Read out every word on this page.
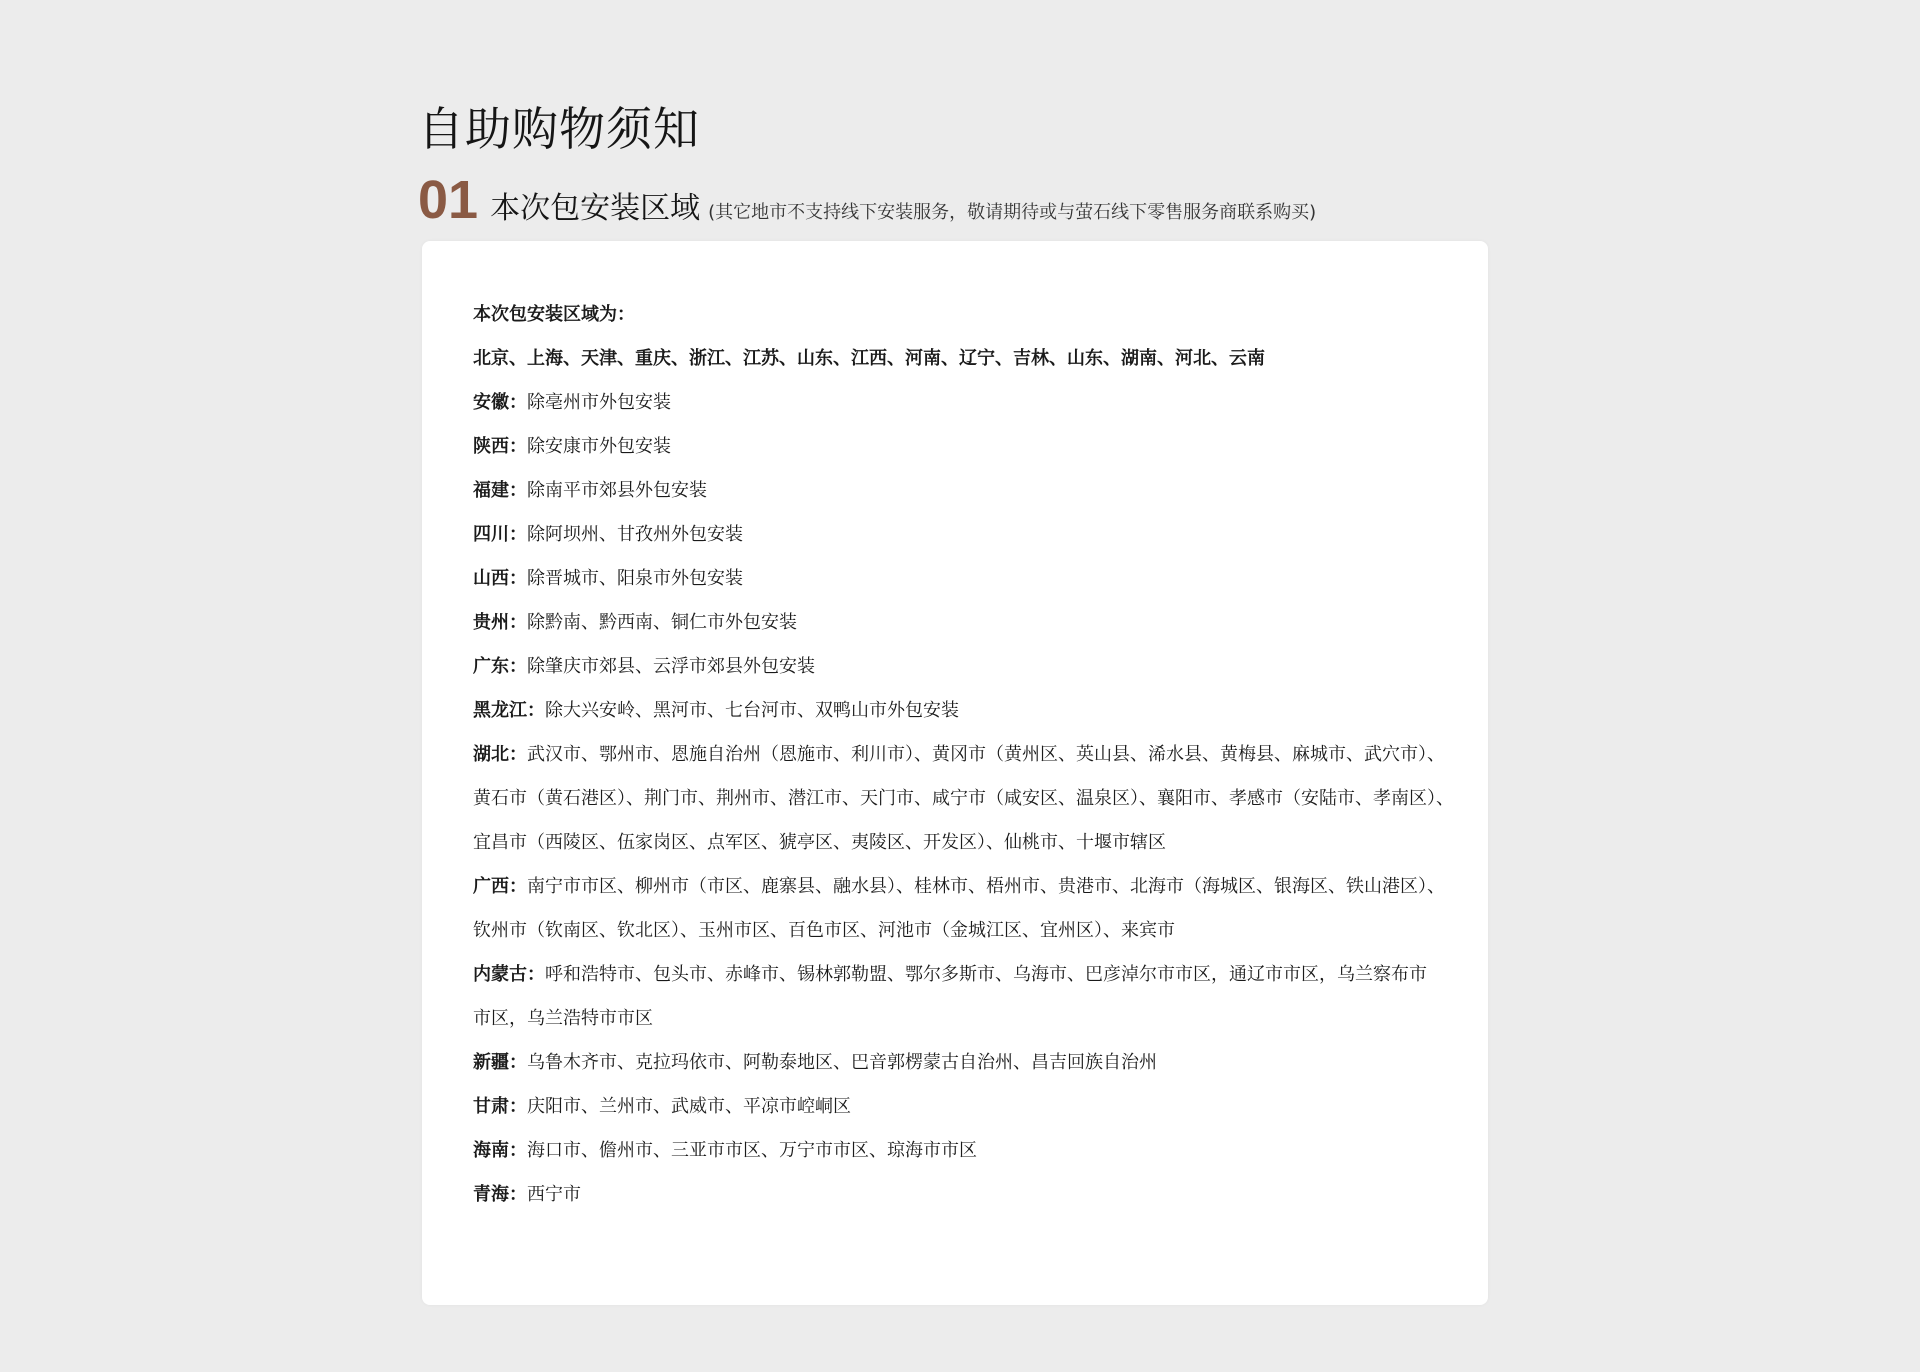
自助购物须知
01 本次包安装区域 (其它地市不支持线下安装服务，敬请期待或与萤石线下零售服务商联系购买)
本次包安装区域为：
北京、上海、天津、重庆、浙江、江苏、山东、江西、河南、辽宁、吉林、山东、湖南、河北、云南
安徽：除亳州市外包安装
陕西：除安康市外包安装
福建：除南平市郊县外包安装
四川：除阿坝州、甘孜州外包安装
山西：除晋城市、阳泉市外包安装
贵州：除黔南、黔西南、铜仁市外包安装
广东：除肇庆市郊县、云浮市郊县外包安装
黑龙江：除大兴安岭、黑河市、七台河市、双鸭山市外包安装
湖北：武汉市、鄂州市、恩施自治州（恩施市、利川市）、黄冈市（黄州区、英山县、浠水县、黄梅县、麻城市、武穴市）、
黄石市（黄石港区）、荆门市、荆州市、潜江市、天门市、咸宁市（咸安区、温泉区）、襄阳市、孝感市（安陆市、孝南区）、
宜昌市（西陵区、伍家岗区、点军区、猇亭区、夷陵区、开发区）、仙桃市、十堰市辖区
广西：南宁市市区、柳州市（市区、鹿寨县、融水县）、桂林市、梧州市、贵港市、北海市（海城区、银海区、铁山港区）、
钦州市（钦南区、钦北区）、玉州市区、百色市区、河池市（金城江区、宜州区）、来宾市
内蒙古：呼和浩特市、包头市、赤峰市、锡林郭勒盟、鄂尔多斯市、乌海市、巴彦淖尔市市区，通辽市市区，乌兰察布市
市区，乌兰浩特市市区
新疆：乌鲁木齐市、克拉玛依市、阿勒泰地区、巴音郭楞蒙古自治州、昌吉回族自治州
甘肃：庆阳市、兰州市、武威市、平凉市崆峒区
海南：海口市、儋州市、三亚市市区、万宁市市区、琼海市市区
青海：西宁市
